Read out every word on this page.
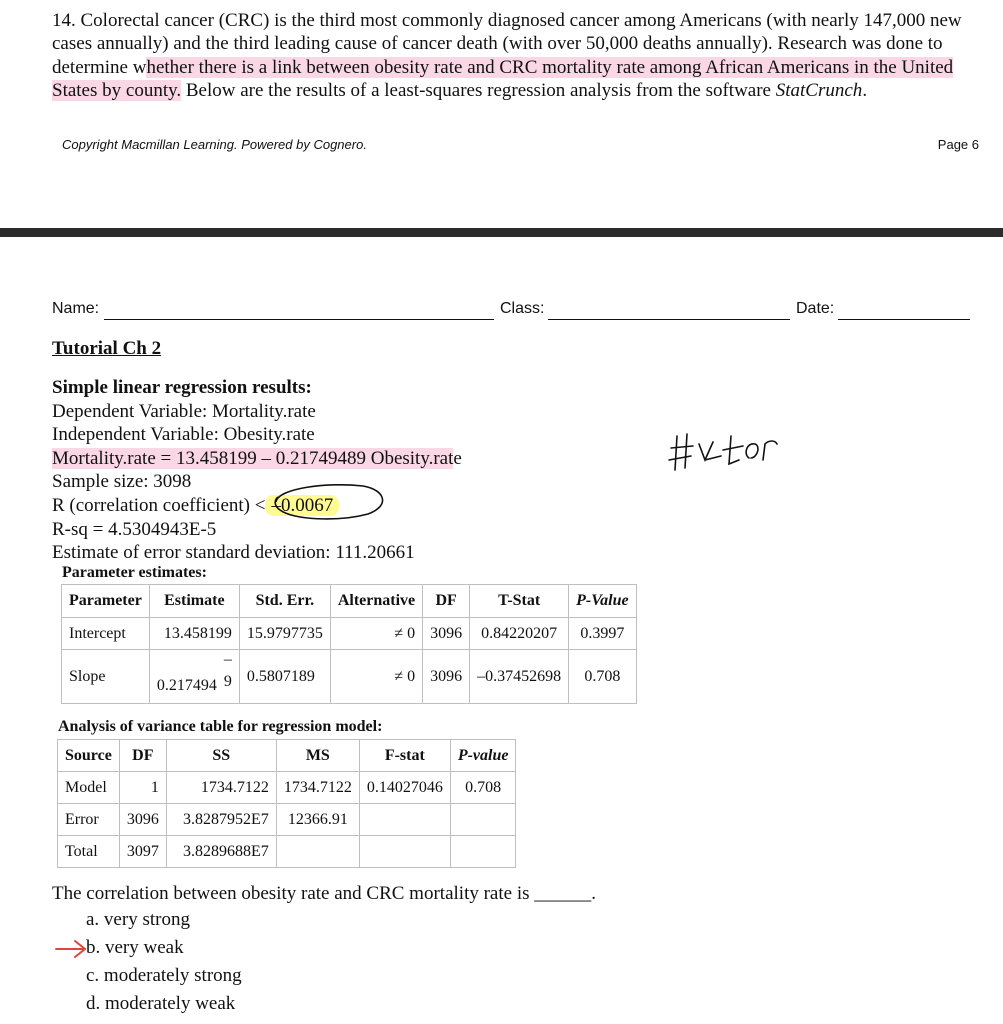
14. Colorectal cancer (CRC) is the third most commonly diagnosed cancer among Americans (with nearly 147,000 new cases annually) and the third leading cause of cancer death (with over 50,000 deaths annually). Research was done to determine whether there is a link between obesity rate and CRC mortality rate among African Americans in the United States by county. Below are the results of a least-squares regression analysis from the software StatCrunch.
Copyright Macmillan Learning. Powered by Cognero.	Page 6
Name:	Class:	Date:
Tutorial Ch 2
Simple linear regression results:
Dependent Variable: Mortality.rate
Independent Variable: Obesity.rate
Mortality.rate = 13.458199 – 0.21749489 Obesity.rate
Sample size: 3098
R (correlation coefficient) < –0.0067
R-sq = 4.5304943E-5
Estimate of error standard deviation: 111.20661
Parameter estimates:
Parameter	Estimate	Std. Err.	Alternative	DF	T-Stat	P-Value
Intercept	13.458199	15.9797735	≠ 0	3096	0.84220207	0.3997
Slope	–
0.217494 9	0.5807189	≠ 0	3096	–0.37452698	0.708
Analysis of variance table for regression model:
Source	DF	SS	MS	F-stat	P-value
Model	1	1734.7122	1734.7122	0.14027046	0.708
Error	3096	3.8287952E7	12366.91		
Total	3097	3.8289688E7			
The correlation between obesity rate and CRC mortality rate is ______.
a. very strong
b. very weak
c. moderately strong
d. moderately weak
